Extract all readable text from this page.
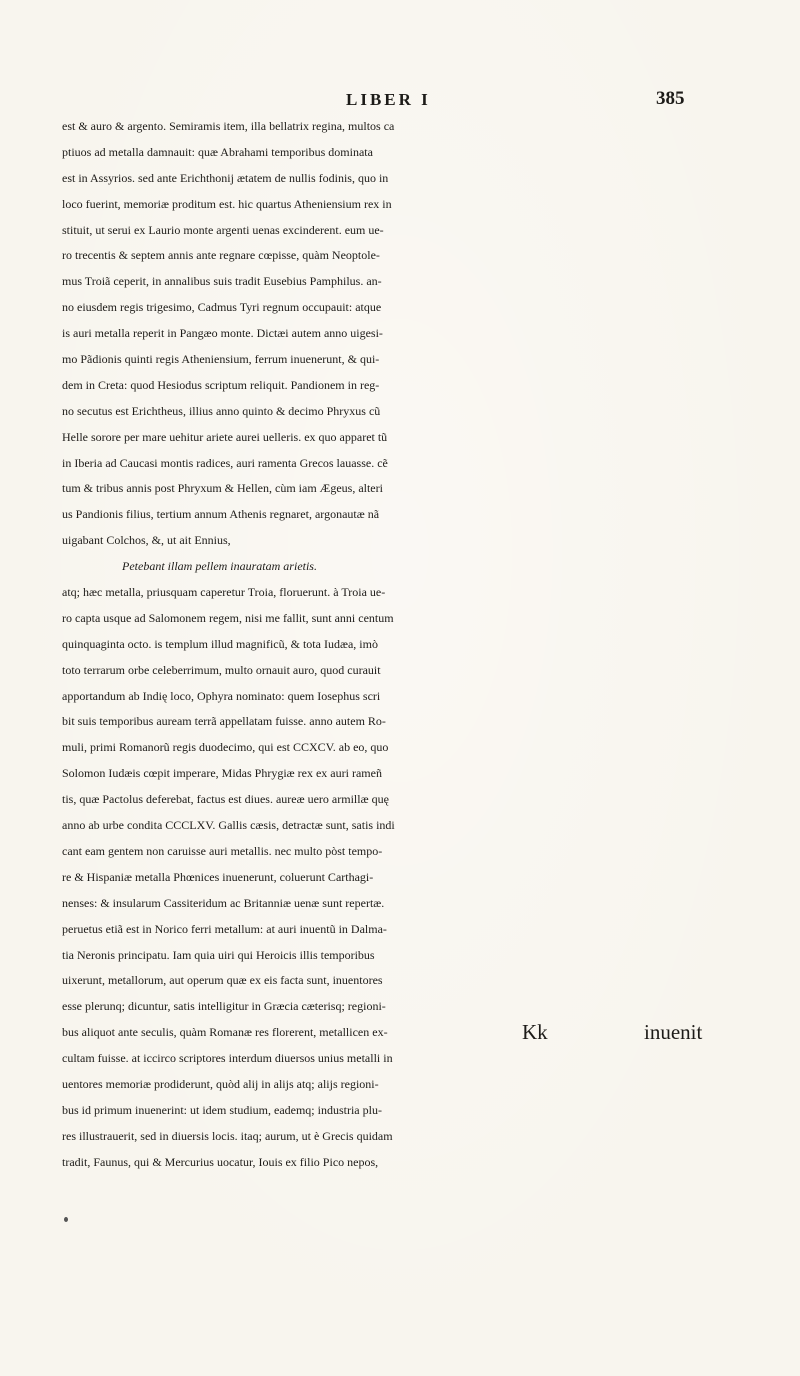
LIBER I	385
est & auro & argento. Semiramis item, illa bellatrix regina, multos ca
ptiuos ad metalla damnauit: quæ Abrahami temporibus dominata
est in Assyrios. sed ante Erichthonij ætatem de nullis fodinis, quo in
loco fuerint, memoriæ proditum est. hic quartus Atheniensium rex in
stituit, ut serui ex Laurio monte argenti uenas excinderent. eum ue-
ro trecentis & septem annis ante regnare cœpisse, quàm Neoptole-
mus Troiã ceperit, in annalibus suis tradit Eusebius Pamphilus. an-
no eiusdem regis trigesimo, Cadmus Tyri regnum occupauit: atque
is auri metalla reperit in Pangæo monte. Dictæi autem anno uigesi-
mo Pãdionis quinti regis Atheniensium, ferrum inuenerunt, & qui-
dem in Creta: quod Hesiodus scriptum reliquit. Pandionem in reg-
no secutus est Erichtheus, illius anno quinto & decimo Phryxus cũ
Helle sorore per mare uehitur ariete aurei uelleris. ex quo apparet tũ
in Iberia ad Caucasi montis radices, auri ramenta Grecos lauasse. cẽ
tum & tribus annis post Phryxum & Hellen, cùm iam Ægeus, alteri
us Pandionis filius, tertium annum Athenis regnaret, argonautæ nã
uigabant Colchos, &, ut ait Ennius,
Petebant illam pellem inauratam arietis.
atq; hæc metalla, priusquam caperetur Troia, floruerunt. à Troia ue-
ro capta usque ad Salomonem regem, nisi me fallit, sunt anni centum
quinquaginta octo. is templum illud magnificũ, & tota Iudæa, imò
toto terrarum orbe celeberrimum, multo ornauit auro, quod curauit
apportandum ab Indię loco, Ophyra nominato: quem Iosephus scri
bit suis temporibus auream terrã appellatam fuisse. anno autem Ro-
muli, primi Romanorũ regis duodecimo, qui est CCXCV. ab eo, quo
Solomon Iudæis cœpit imperare, Midas Phrygiæ rex ex auri rameñ
tis, quæ Pactolus deferebat, factus est diues. aureæ uero armillæ quę
anno ab urbe condita CCCLXV. Gallis cæsis, detractæ sunt, satis indi
cant eam gentem non caruisse auri metallis. nec multo pòst tempo-
re & Hispaniæ metalla Phœnices inuenerunt, coluerunt Carthagi-
nenses: & insularum Cassiteridum ac Britanniæ uenæ sunt repertæ.
peruetus etiã est in Norico ferri metallum: at auri inuentũ in Dalma-
tia Neronis principatu. Iam quia uiri qui Heroicis illis temporibus
uixerunt, metallorum, aut operum quæ ex eis facta sunt, inuentores
esse plerunq; dicuntur, satis intelligitur in Græcia cæterisq; regioni-
bus aliquot ante seculis, quàm Romanæ res florerent, metallicen ex-
cultam fuisse. at iccirco scriptores interdum diuersos unius metalli in
uentores memoriæ prodiderunt, quòd alij in alijs atq; alijs regioni-
bus id primum inuenerint: ut idem studium, eademq; industria plu-
res illustrauerit, sed in diuersis locis. itaq; aurum, ut è Grecis quidam
tradit, Faunus, qui & Mercurius uocatur, Iouis ex filio Pico nepos,
Kk	inuenit
